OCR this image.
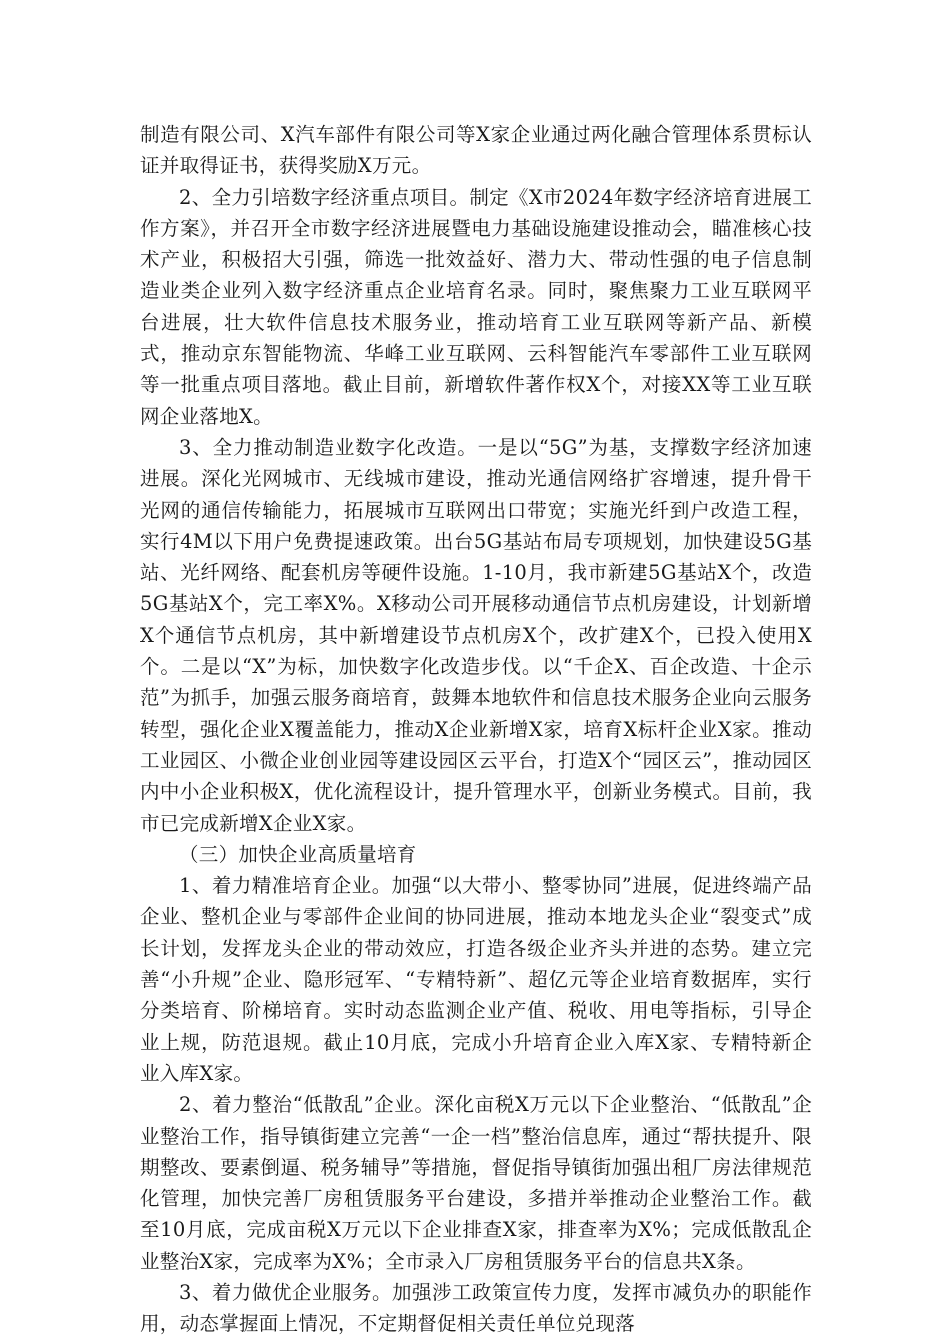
制造有限公司、X汽车部件有限公司等X家企业通过两化融合管理体系贯标认证并取得证书，获得奖励X万元。

2、全力引培数字经济重点项目。制定《X市2024年数字经济培育进展工作方案》，并召开全市数字经济进展暨电力基础设施建设推动会，瞄准核心技术产业，积极招大引强，筛选一批效益好、潜力大、带动性强的电子信息制造业类企业列入数字经济重点企业培育名录。同时，聚焦聚力工业互联网平台进展，壮大软件信息技术服务业，推动培育工业互联网等新产品、新模式，推动京东智能物流、华峰工业互联网、云科智能汽车零部件工业互联网等一批重点项目落地。截止目前，新增软件著作权X个，对接XX等工业互联网企业落地X。

3、全力推动制造业数字化改造。一是以“5G”为基，支撑数字经济加速进展。深化光网城市、无线城市建设，推动光通信网络扩容增速，提升骨干光网的通信传输能力，拓展城市互联网出口带宽；实施光纤到户改造工程，实行4M以下用户免费提速政策。出台5G基站布局专项规划，加快建设5G基站、光纤网络、配套机房等硬件设施。1-10月，我市新建5G基站X个，改造5G基站X个，完工率X%。X移动公司开展移动通信节点机房建设，计划新增X个通信节点机房，其中新增建设节点机房X个，改扩建X个，已投入使用X个。二是以“X”为标，加快数字化改造步伐。以“千企X、百企改造、十企示范”为抓手，加强云服务商培育，鼓舞本地软件和信息技术服务企业向云服务转型，强化企业X覆盖能力，推动X企业新增X家，培育X标杆企业X家。推动工业园区、小微企业创业园等建设园区云平台，打造X个“园区云”，推动园区内中小企业积极X，优化流程设计，提升管理水平，创新业务模式。目前，我市已完成新增X企业X家。

（三）加快企业高质量培育

1、着力精准培育企业。加强“以大带小、整零协同”进展，促进终端产品企业、整机企业与零部件企业间的协同进展，推动本地龙头企业“裂变式”成长计划，发挥龙头企业的带动效应，打造各级企业齐头并进的态势。建立完善“小升规”企业、隐形冠军、“专精特新”、超亿元等企业培育数据库，实行分类培育、阶梯培育。实时动态监测企业产值、税收、用电等指标，引导企业上规，防范退规。截止10月底，完成小升培育企业入库X家、专精特新企业入库X家。

2、着力整治“低散乱”企业。深化亩税X万元以下企业整治、“低散乱”企业整治工作，指导镇街建立完善“一企一档”整治信息库，通过“帮扶提升、限期整改、要素倒逼、税务辅导”等措施，督促指导镇街加强出租厂房法律规范化管理，加快完善厂房租赁服务平台建设，多措并举推动企业整治工作。截至10月底，完成亩税X万元以下企业排查X家，排查率为X%；完成低散乱企业整治X家，完成率为X%；全市录入厂房租赁服务平台的信息共X条。

3、着力做优企业服务。加强涉工政策宣传力度，发挥市减负办的职能作用，动态掌握面上情况，不定期督促相关责任单位兑现落
